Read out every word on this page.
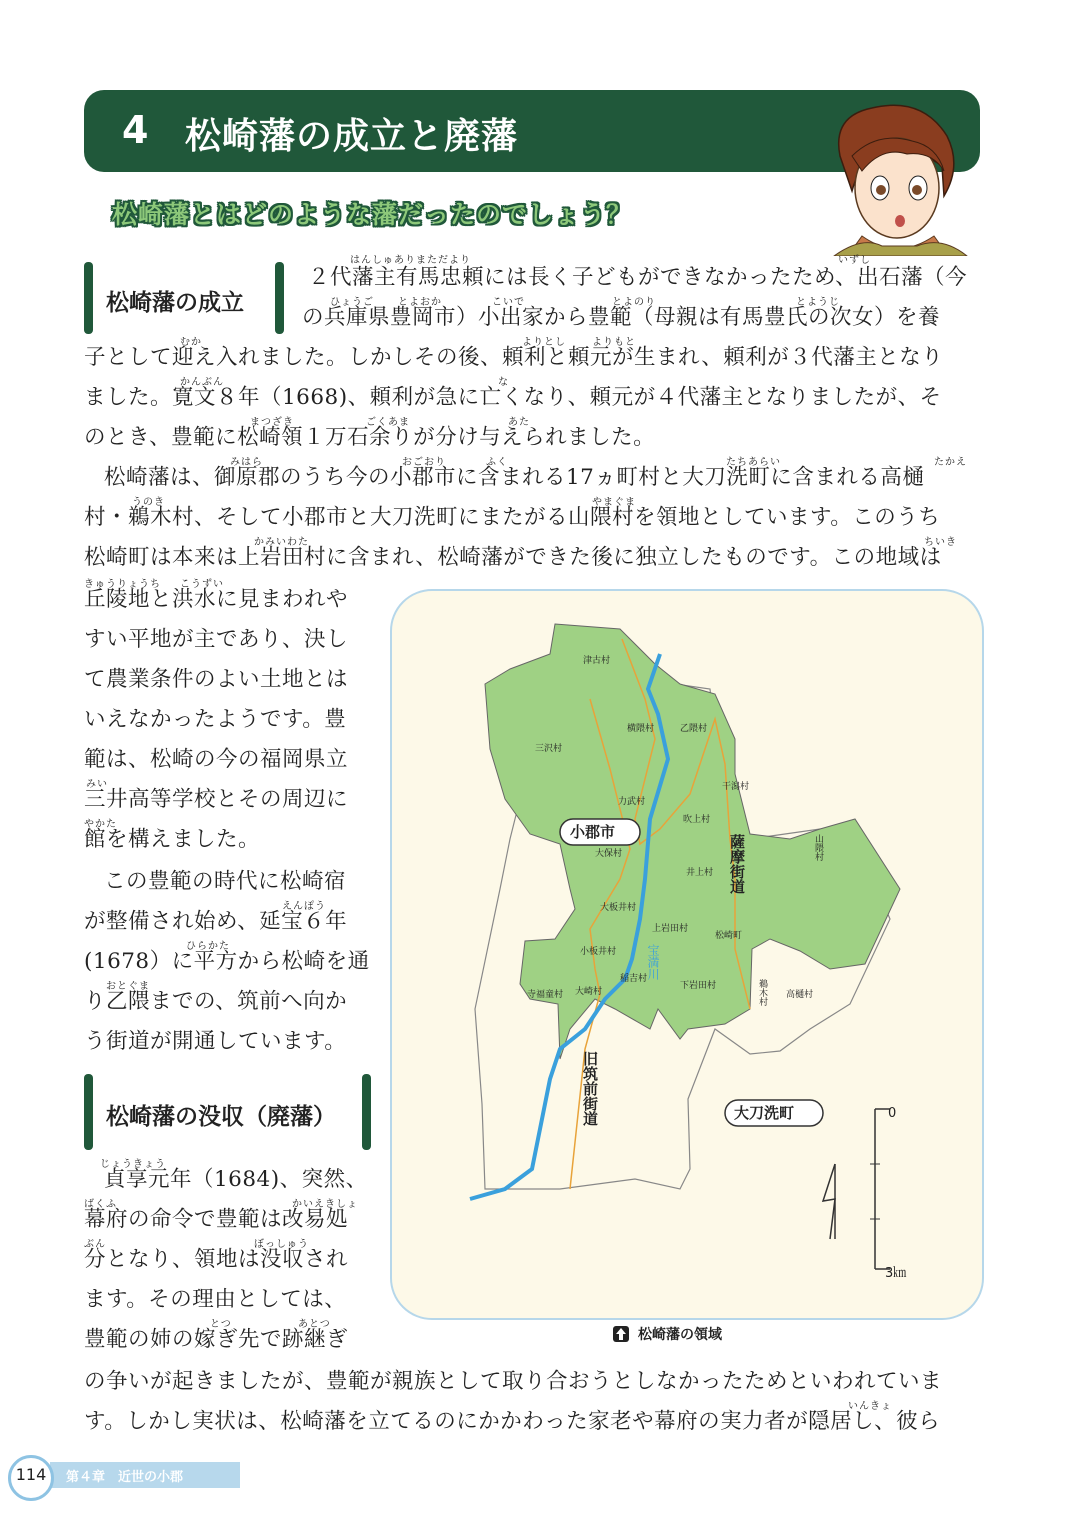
4 松崎藩の成立と廃藩
松崎藩とはどのような藩だったのでしょう？
松崎藩の成立
松崎藩の没収（廃藩）
２代藩主有馬忠頼には長く子どもができなかったため、出石藩（今
の兵庫県豊岡市）小出家から豊範（母親は有馬豊氏の次女）を養
子として迎え入れました。しかしその後、頼利と頼元が生まれ、頼利が３代藩主となり
ました。寛文８年（1668)、頼利が急に亡くなり、頼元が４代藩主となりましたが、そ
のとき、豊範に松崎領１万石余りが分け与えられました。
松崎藩は、御原郡のうち今の小郡市に含まれる17ヵ町村と大刀洗町に含まれる高樋
村・鵜木村、そして小郡市と大刀洗町にまたがる山隈村を領地としています。このうち
松崎町は本来は上岩田村に含まれ、松崎藩ができた後に独立したものです。この地域は
丘陵地と洪水に見まわれや
すい平地が主であり、決し
て農業条件のよい土地とは
いえなかったようです。豊
範は、松崎の今の福岡県立
三井高等学校とその周辺に
館を構えました。
この豊範の時代に松崎宿
が整備され始め、延宝６年
(1678）に平方から松崎を通
り乙隈までの、筑前へ向か
う街道が開通しています。
貞享元年（1684)、突然、
幕府の命令で豊範は改易処
分となり、領地は没収され
ます。その理由としては、
豊範の姉の嫁ぎ先で跡継ぎ
の争いが起きましたが、豊範が親族として取り合おうとしなかったためといわれていま
す。しかし実状は、松崎藩を立てるのにかかわった家老や幕府の実力者が隠居し、彼ら
はんしゅありまただより	いずし
ひょうご とよおか	こいで	とよのり	とようじ
むか	よりとし	よりもと
かんぶん	な
まつざき	ごくあま	あた
みはら	おごおり	ふく	たちあらい	たかえ
うのき	やまぐま
かみいわた	ちいき
きゅうりょうち こうずい
みい
やかた
えんぽう
ひらかた
おとぐま
じょうきょう
ばくふ	かいえきしょ
ぶん	ぼっしゅう
とつ	あとつ
いんきょ
0
3㎞
小郡市
大刀洗町
薩摩街道
旧筑前街道
宝満川
津古村
横隈村	乙隈村
三沢村
干潟村
力武村
吹上村
山隈村
大保村
井上村
大板井村
上岩田村
松崎町
小板井村
稲吉村
寺福童村 大崎村
下岩田村	鵜木村 高樋村
松崎藩の領域
114	第４章　近世の小郡
